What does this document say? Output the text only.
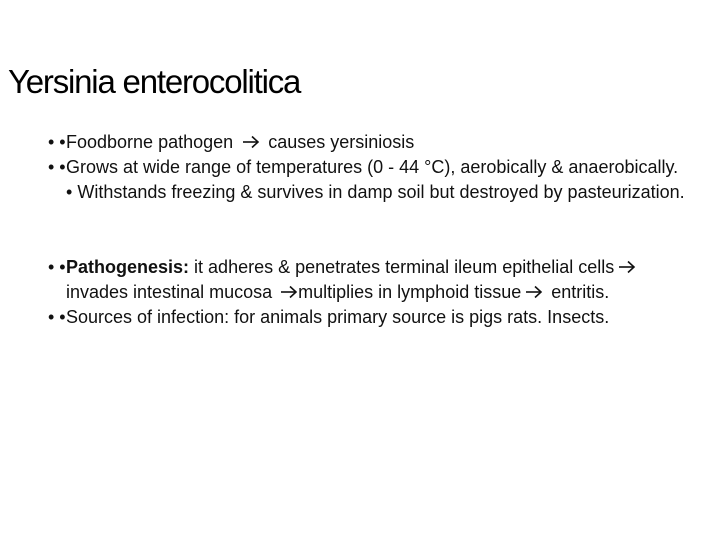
Yersinia enterocolitica
• • Foodborne pathogen causes yersiniosis
• • Grows at wide range of temperatures (0 - 44 °C), aerobically & anaerobically.
• Withstands freezing & survives in damp soil but destroyed by pasteurization.
• • Pathogenesis: it adheres & penetrates terminal ileum epithelial cells invades intestinal mucosa multiplies in lymphoid tissue entritis.
• • Sources of infection: for animals primary source is pigs rats. Insects.
